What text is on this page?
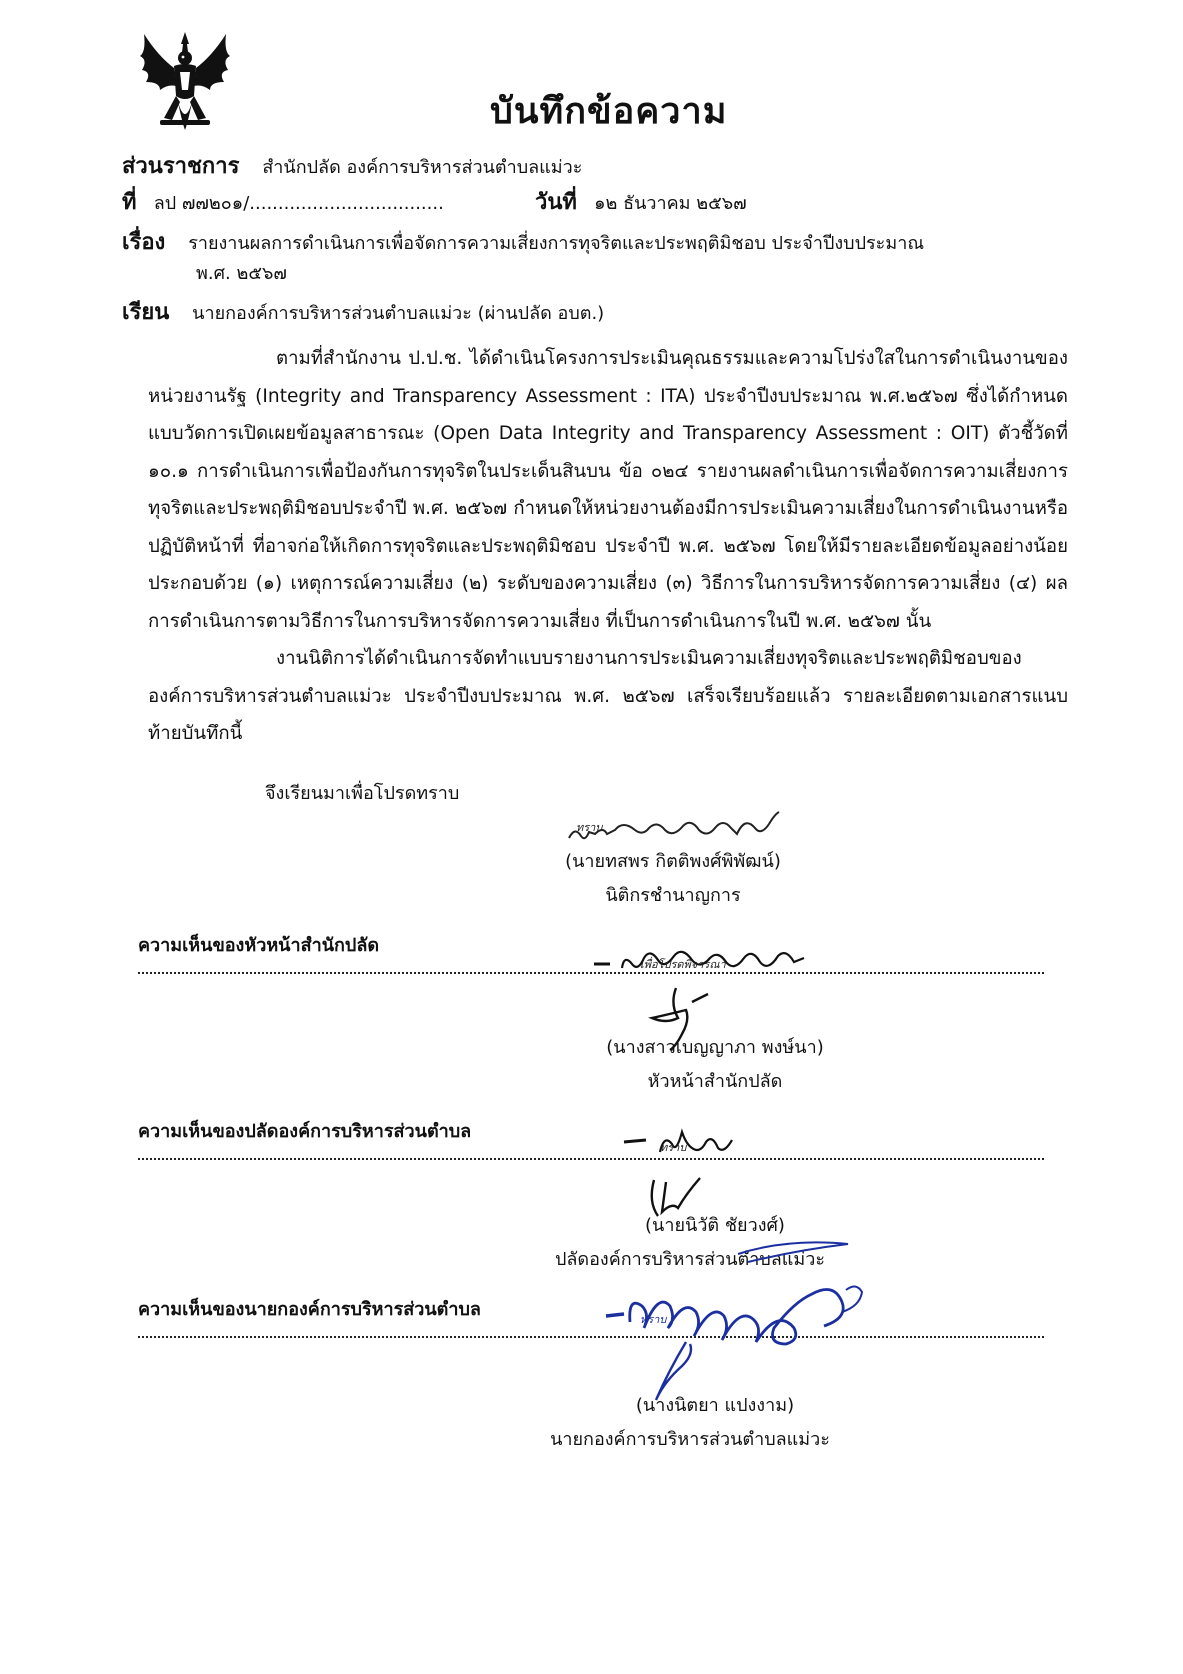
บันทึกข้อความ
ส่วนราชการ สำนักปลัด องค์การบริหารส่วนตำบลแม่วะ
ที่ ลป ๗๗๒๐๑/..................................	วันที่ ๑๒ ธันวาคม ๒๕๖๗
เรื่อง รายงานผลการดำเนินการเพื่อจัดการความเสี่ยงการทุจริตและประพฤติมิชอบ ประจำปีงบประมาณ
พ.ศ. ๒๕๖๗
เรียน นายกองค์การบริหารส่วนตำบลแม่วะ (ผ่านปลัด อบต.)

ตามที่สำนักงาน ป.ป.ช. ได้ดำเนินโครงการประเมินคุณธรรมและความโปร่งใสในการดำเนินงานของหน่วยงานรัฐ (Integrity and Transparency Assessment : ITA) ประจำปีงบประมาณ พ.ศ.๒๕๖๗ ซึ่งได้กำหนดแบบวัดการเปิดเผยข้อมูลสาธารณะ (Open Data Integrity and Transparency Assessment : OIT) ตัวชี้วัดที่ ๑๐.๑ การดำเนินการเพื่อป้องกันการทุจริตในประเด็นสินบน ข้อ ๐๒๔ รายงานผลดำเนินการเพื่อจัดการความเสี่ยงการทุจริตและประพฤติมิชอบประจำปี พ.ศ. ๒๕๖๗ กำหนดให้หน่วยงานต้องมีการประเมินความเสี่ยงในการดำเนินงานหรือปฏิบัติหน้าที่ ที่อาจก่อให้เกิดการทุจริตและประพฤติมิชอบ ประจำปี พ.ศ. ๒๕๖๗ โดยให้มีรายละเอียดข้อมูลอย่างน้อยประกอบด้วย (๑) เหตุการณ์ความเสี่ยง (๒) ระดับของความเสี่ยง (๓) วิธีการในการบริหารจัดการความเสี่ยง (๔) ผลการดำเนินการตามวิธีการในการบริหารจัดการความเสี่ยง ที่เป็นการดำเนินการในปี พ.ศ. ๒๕๖๗ นั้น

งานนิติการได้ดำเนินการจัดทำแบบรายงานการประเมินความเสี่ยงทุจริตและประพฤติมิชอบขององค์การบริหารส่วนตำบลแม่วะ ประจำปีงบประมาณ พ.ศ. ๒๕๖๗ เสร็จเรียบร้อยแล้ว รายละเอียดตามเอกสารแนบท้ายบันทึกนี้

จึงเรียนมาเพื่อโปรดทราบ
(นายทสพร กิตติพงศ์พิพัฒน์)
นิติกรชำนาญการ
ความเห็นของหัวหน้าสำนักปลัด
เพื่อโปรดพิจารณา
(นางสาวเบญญาภา พงษ์นา)
หัวหน้าสำนักปลัด
ความเห็นของปลัดองค์การบริหารส่วนตำบล
(นายนิวัติ ชัยวงศ์)
ปลัดองค์การบริหารส่วนตำบลแม่วะ
ความเห็นของนายกองค์การบริหารส่วนตำบล
(นางนิตยา แปงงาม)
นายกองค์การบริหารส่วนตำบลแม่วะ
ทราบ
เพื่อโปรดพิจารณา
ทราบ
ทราบ
